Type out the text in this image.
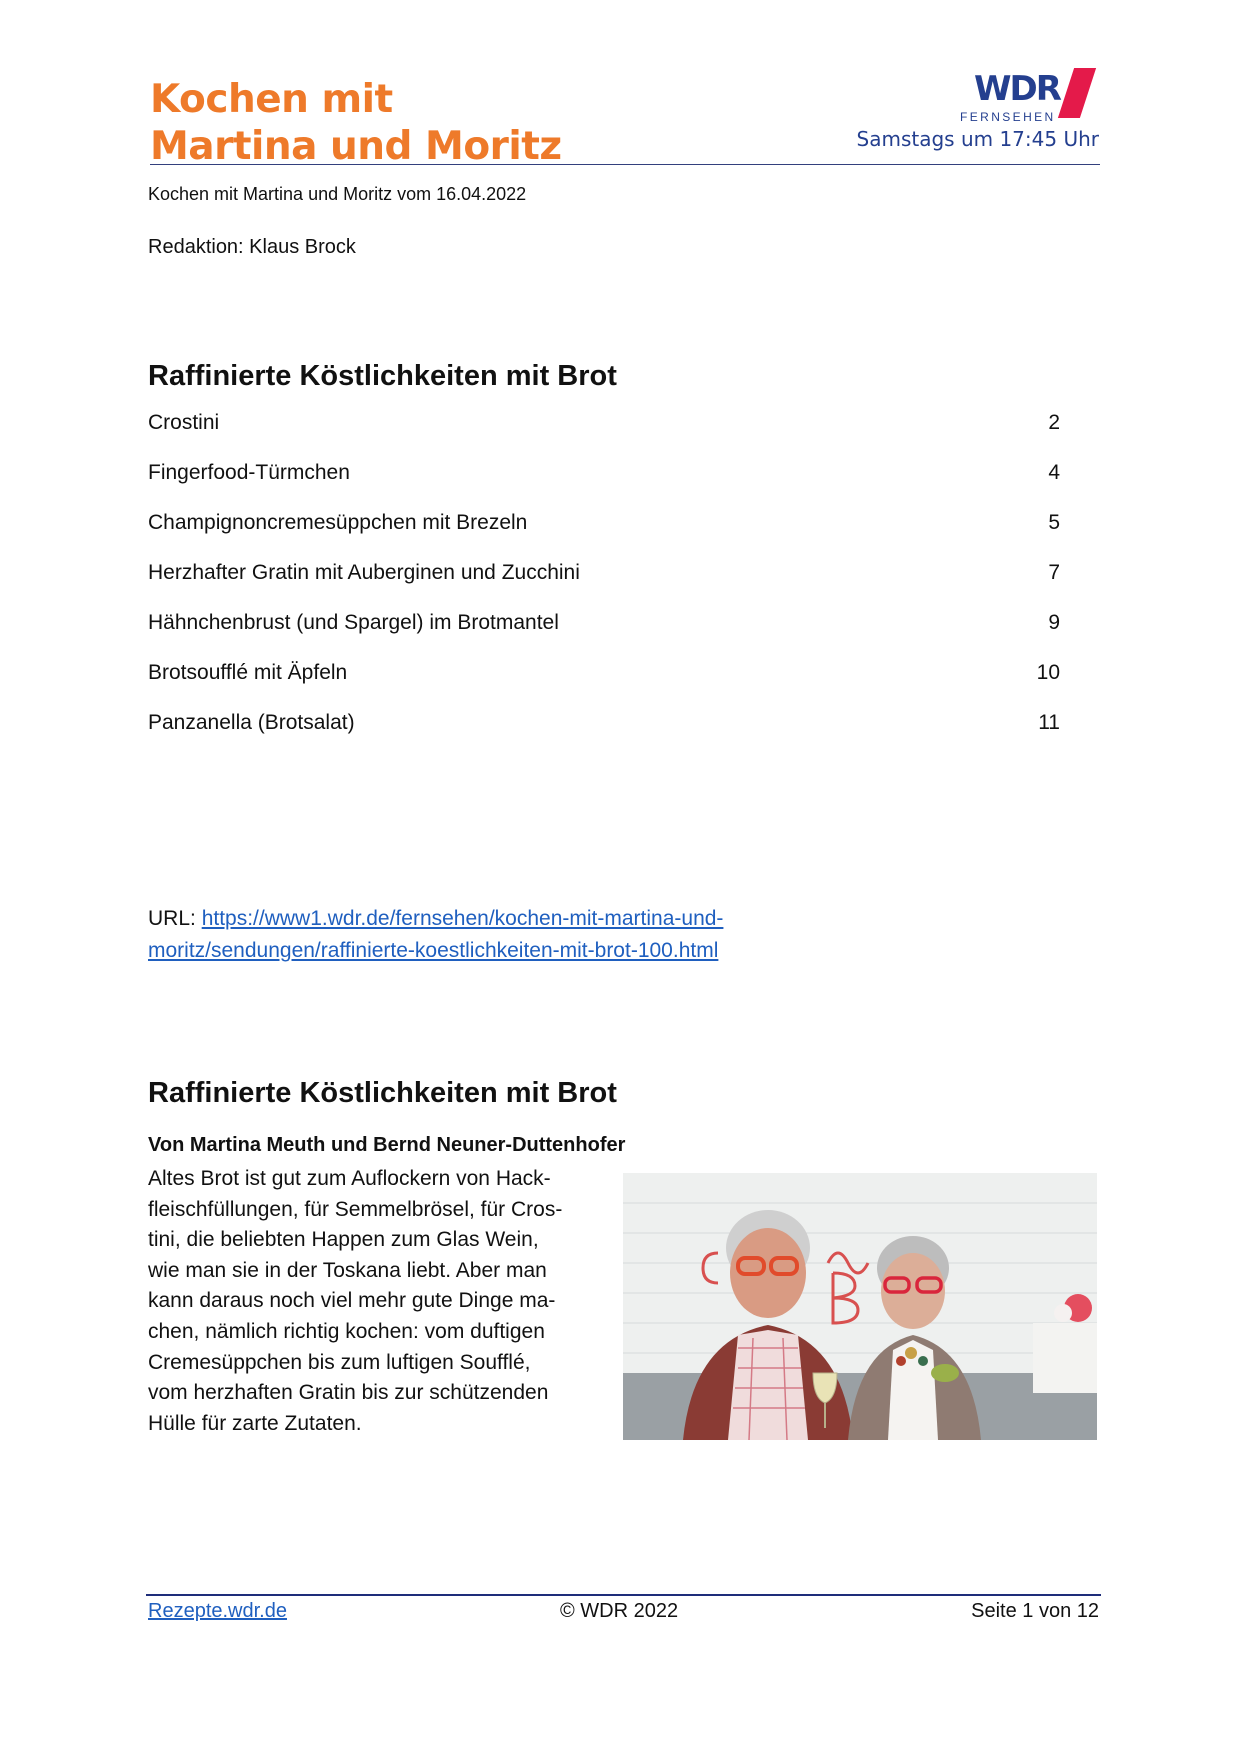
Kochen mit
Martina und Moritz
WDR
FERNSEHEN
Samstags um 17:45 Uhr
Kochen mit Martina und Moritz vom 16.04.2022
Redaktion: Klaus Brock
Raffinierte Köstlichkeiten mit Brot
Crostini	2
Fingerfood-Türmchen	4
Champignoncremesüppchen mit Brezeln	5
Herzhafter Gratin mit Auberginen und Zucchini	7
Hähnchenbrust (und Spargel) im Brotmantel	9
Brotsoufflé mit Äpfeln	10
Panzanella (Brotsalat)	11
URL: https://www1.wdr.de/fernsehen/kochen-mit-martina-und-
moritz/sendungen/raffinierte-koestlichkeiten-mit-brot-100.html
Raffinierte Köstlichkeiten mit Brot
Von Martina Meuth und Bernd Neuner-Duttenhofer

Altes Brot ist gut zum Auflockern von Hack-
fleischfüllungen, für Semmelbrösel, für Cros-
tini, die beliebten Happen zum Glas Wein,
wie man sie in der Toskana liebt. Aber man
kann daraus noch viel mehr gute Dinge ma-
chen, nämlich richtig kochen: vom duftigen
Cremesüppchen bis zum luftigen Soufflé,
vom herzhaften Gratin bis zur schützenden
Hülle für zarte Zutaten.

Rezepte.wdr.de	© WDR 2022	Seite 1 von 12
